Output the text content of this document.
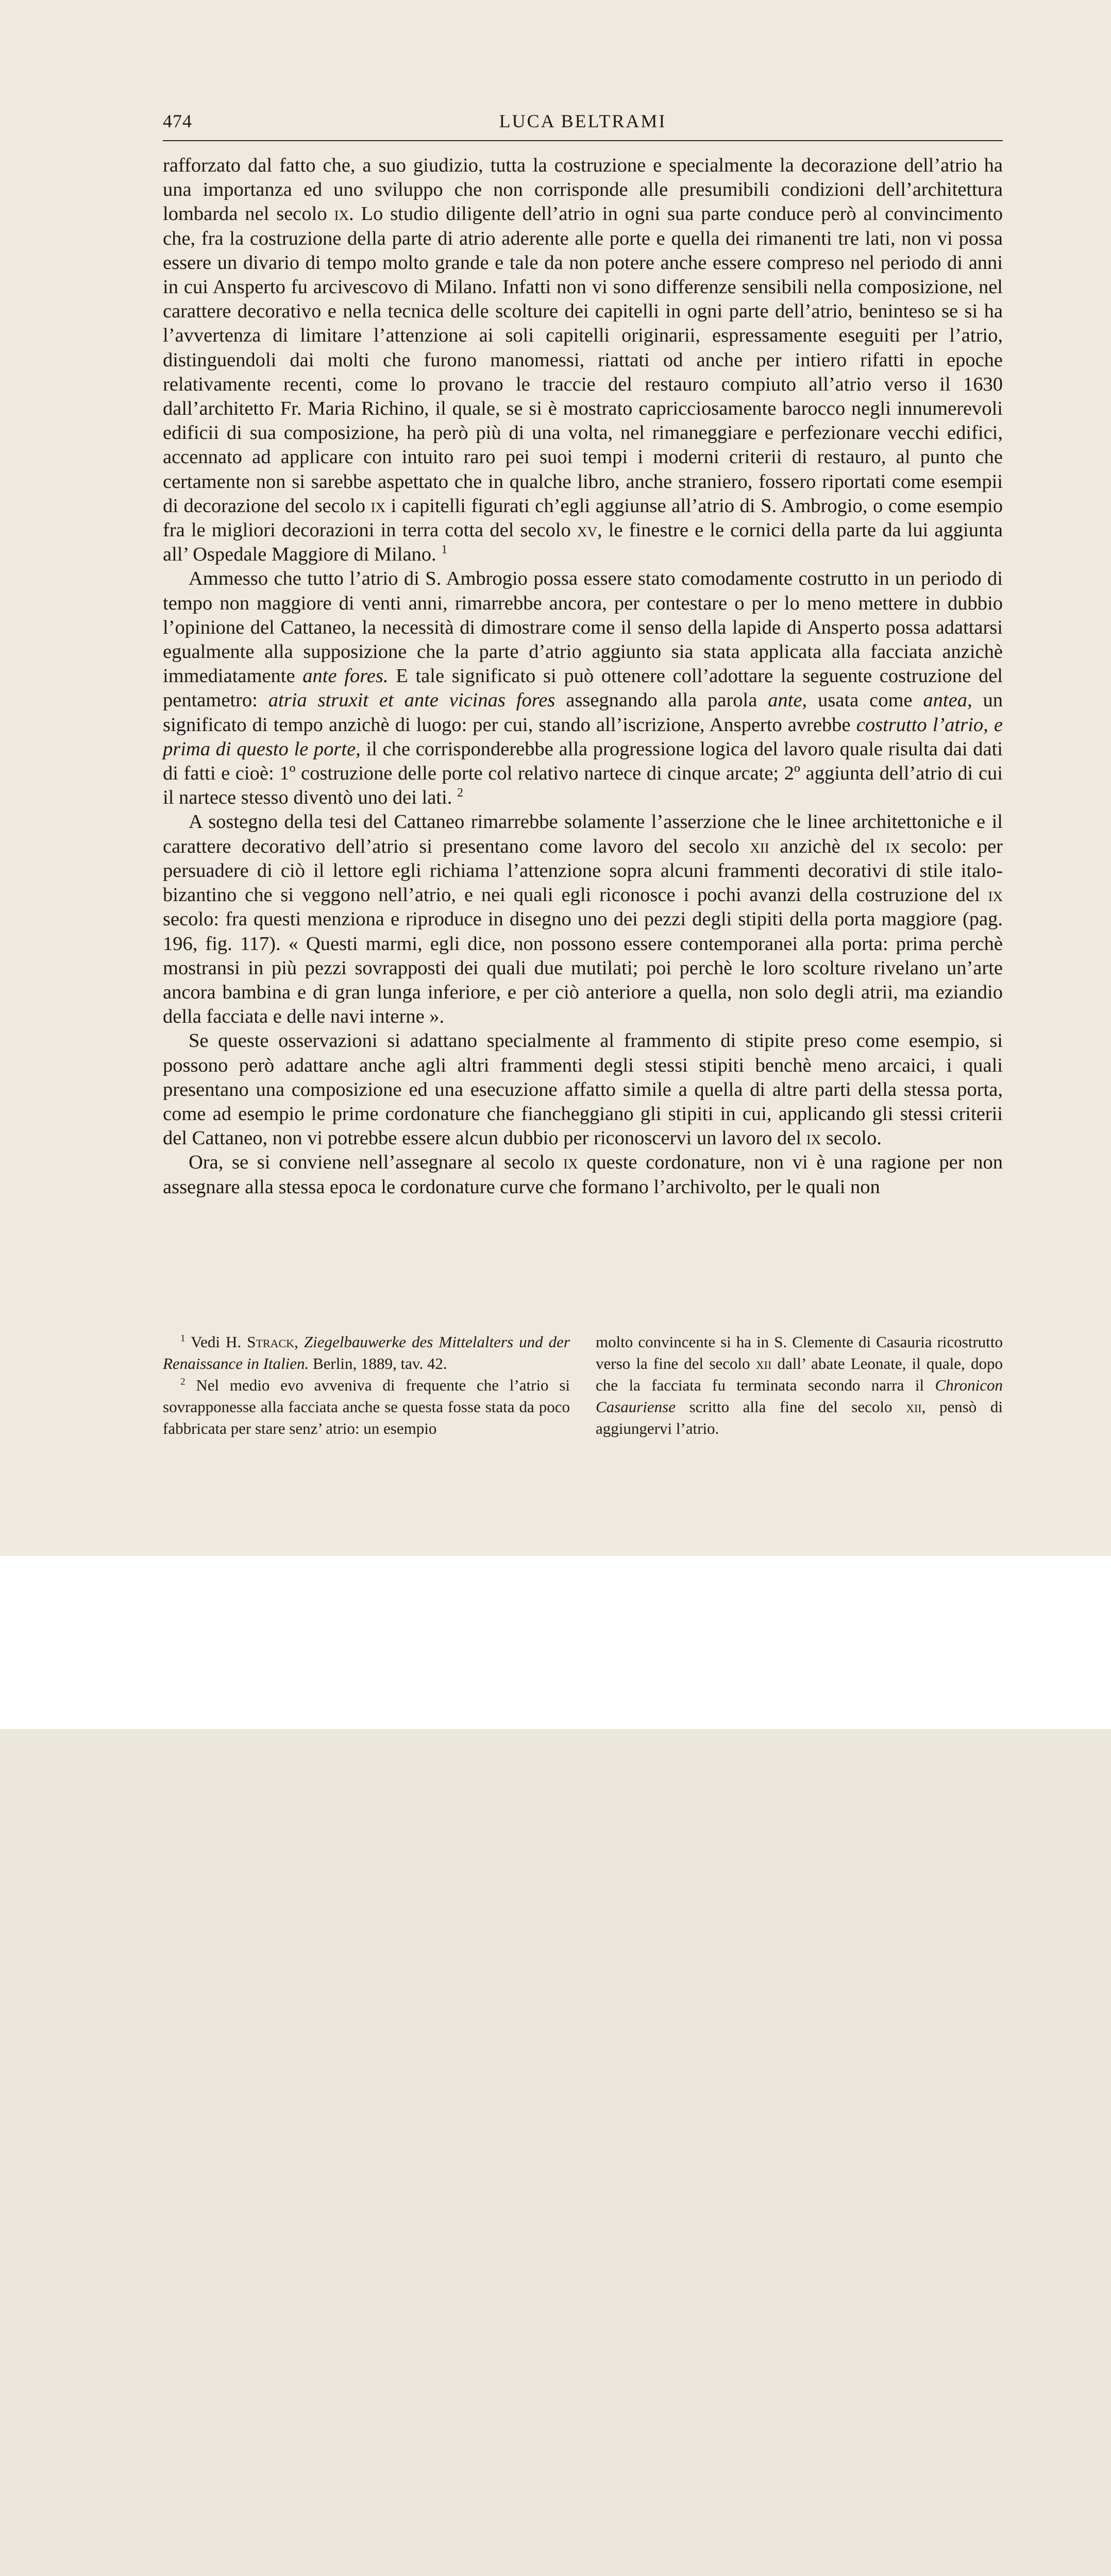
474	LUCA BELTRAMI

rafforzato dal fatto che, a suo giudizio, tutta la costruzione e specialmente la decorazione dell’atrio ha una importanza ed uno sviluppo che non corrisponde alle presumibili condizioni dell’architettura lombarda nel secolo ix. Lo studio diligente dell’atrio in ogni sua parte conduce però al convincimento che, fra la costruzione della parte di atrio aderente alle porte e quella dei rimanenti tre lati, non vi possa essere un divario di tempo molto grande e tale da non potere anche essere compreso nel periodo di anni in cui Ansperto fu arcivescovo di Milano. Infatti non vi sono differenze sensibili nella composizione, nel carattere decorativo e nella tecnica delle scolture dei capitelli in ogni parte dell’atrio, beninteso se si ha l’avvertenza di limitare l’attenzione ai soli capitelli originarii, espressamente eseguiti per l’atrio, distinguendoli dai molti che furono manomessi, riattati od anche per intiero rifatti in epoche relativamente recenti, come lo provano le traccie del restauro compiuto all’atrio verso il 1630 dall’architetto Fr. Maria Richino, il quale, se si è mostrato capricciosamente barocco negli innumerevoli edificii di sua composizione, ha però più di una volta, nel rimaneggiare e perfezionare vecchi edifici, accennato ad applicare con intuito raro pei suoi tempi i moderni criterii di restauro, al punto che certamente non si sarebbe aspettato che in qualche libro, anche straniero, fossero riportati come esempii di decorazione del secolo ix i capitelli figurati ch’egli aggiunse all’atrio di S. Ambrogio, o come esempio fra le migliori decorazioni in terra cotta del secolo xv, le finestre e le cornici della parte da lui aggiunta all’ Ospedale Maggiore di Milano. $^1$

Ammesso che tutto l’atrio di S. Ambrogio possa essere stato comodamente costrutto in un periodo di tempo non maggiore di venti anni, rimarrebbe ancora, per contestare o per lo meno mettere in dubbio l’opinione del Cattaneo, la necessità di dimostrare come il senso della lapide di Ansperto possa adattarsi egualmente alla supposizione che la parte d’atrio aggiunto sia stata applicata alla facciata anzichè immediatamente ante fores. E tale significato si può ottenere coll’adottare la seguente costruzione del pentametro: atria struxit et ante vicinas fores assegnando alla parola ante, usata come antea, un significato di tempo anzichè di luogo: per cui, stando all’iscrizione, Ansperto avrebbe costrutto l’atrio, e prima di questo le porte, il che corrisponderebbe alla progressione logica del lavoro quale risulta dai dati di fatti e cioè: 1º costruzione delle porte col relativo nartece di cinque arcate; 2º aggiunta dell’atrio di cui il nartece stesso diventò uno dei lati. $^2$

A sostegno della tesi del Cattaneo rimarrebbe solamente l’asserzione che le linee architettoniche e il carattere decorativo dell’atrio si presentano come lavoro del secolo xii anzichè del ix secolo: per persuadere di ciò il lettore egli richiama l’attenzione sopra alcuni frammenti decorativi di stile italo-bizantino che si veggono nell’atrio, e nei quali egli riconosce i pochi avanzi della costruzione del ix secolo: fra questi menziona e riproduce in disegno uno dei pezzi degli stipiti della porta maggiore (pag. 196, fig. 117). « Questi marmi, egli dice, non possono essere contemporanei alla porta: prima perchè mostransi in più pezzi sovrapposti dei quali due mutilati; poi perchè le loro scolture rivelano un’arte ancora bambina e di gran lunga inferiore, e per ciò anteriore a quella, non solo degli atrii, ma eziandio della facciata e delle navi interne ».

Se queste osservazioni si adattano specialmente al frammento di stipite preso come esempio, si possono però adattare anche agli altri frammenti degli stessi stipiti benchè meno arcaici, i quali presentano una composizione ed una esecuzione affatto simile a quella di altre parti della stessa porta, come ad esempio le prime cordonature che fiancheggiano gli stipiti in cui, applicando gli stessi criterii del Cattaneo, non vi potrebbe essere alcun dubbio per riconoscervi un lavoro del ix secolo.

Ora, se si conviene nell’assegnare al secolo ix queste cordonature, non vi è una ragione per non assegnare alla stessa epoca le cordonature curve che formano l’archivolto, per le quali non

$^1$ Vedi H. Strack, Ziegelbauwerke des Mittelalters und der Renaissance in Italien. Berlin, 1889, tav. 42.

$^2$ Nel medio evo avveniva di frequente che l’atrio si sovrapponesse alla facciata anche se questa fosse stata da poco fabbricata per stare senz’ atrio: un esempio

molto convincente si ha in S. Clemente di Casauria ricostrutto verso la fine del secolo xii dall’ abate Leonate, il quale, dopo che la facciata fu terminata secondo narra il Chronicon Casauriense scritto alla fine del secolo xii, pensò di aggiungervi l’atrio.
